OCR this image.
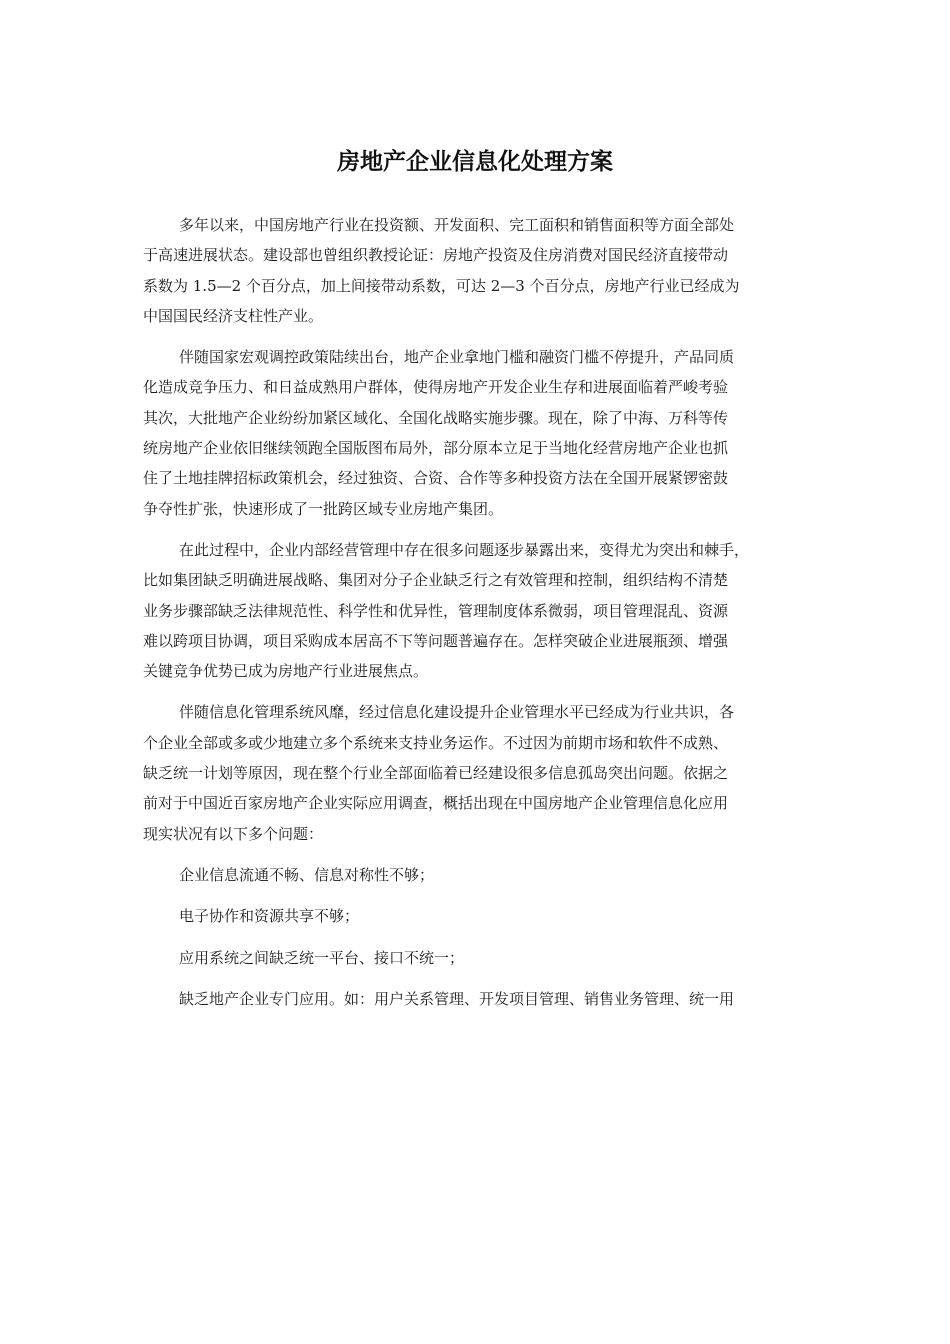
房地产企业信息化处理方案

多年以来，中国房地产行业在投资额、开发面积、完工面积和销售面积等方面全部处
于高速进展状态。建设部也曾组织教授论证：房地产投资及住房消费对国民经济直接带动
系数为 1.5—2 个百分点，加上间接带动系数，可达 2—3 个百分点，房地产行业已经成为
中国国民经济支柱性产业。

伴随国家宏观调控政策陆续出台，地产企业拿地门槛和融资门槛不停提升，产品同质
化造成竞争压力、和日益成熟用户群体，使得房地产开发企业生存和进展面临着严峻考验
其次，大批地产企业纷纷加紧区域化、全国化战略实施步骤。现在，除了中海、万科等传
统房地产企业依旧继续领跑全国版图布局外，部分原本立足于当地化经营房地产企业也抓
住了土地挂牌招标政策机会，经过独资、合资、合作等多种投资方法在全国开展紧锣密鼓
争夺性扩张，快速形成了一批跨区域专业房地产集团。

在此过程中，企业内部经营管理中存在很多问题逐步暴露出来，变得尤为突出和棘手，
比如集团缺乏明确进展战略、集团对分子企业缺乏行之有效管理和控制，组织结构不清楚
业务步骤部缺乏法律规范性、科学性和优异性，管理制度体系微弱，项目管理混乱、资源
难以跨项目协调，项目采购成本居高不下等问题普遍存在。怎样突破企业进展瓶颈、增强
关键竞争优势已成为房地产行业进展焦点。

伴随信息化管理系统风靡，经过信息化建设提升企业管理水平已经成为行业共识，各
个企业全部或多或少地建立多个系统来支持业务运作。不过因为前期市场和软件不成熟、
缺乏统一计划等原因，现在整个行业全部面临着已经建设很多信息孤岛突出问题。依据之
前对于中国近百家房地产企业实际应用调查，概括出现在中国房地产企业管理信息化应用
现实状况有以下多个问题：

企业信息流通不畅、信息对称性不够；

电子协作和资源共享不够；

应用系统之间缺乏统一平台、接口不统一；

缺乏地产企业专门应用。如：用户关系管理、开发项目管理、销售业务管理、统一用
